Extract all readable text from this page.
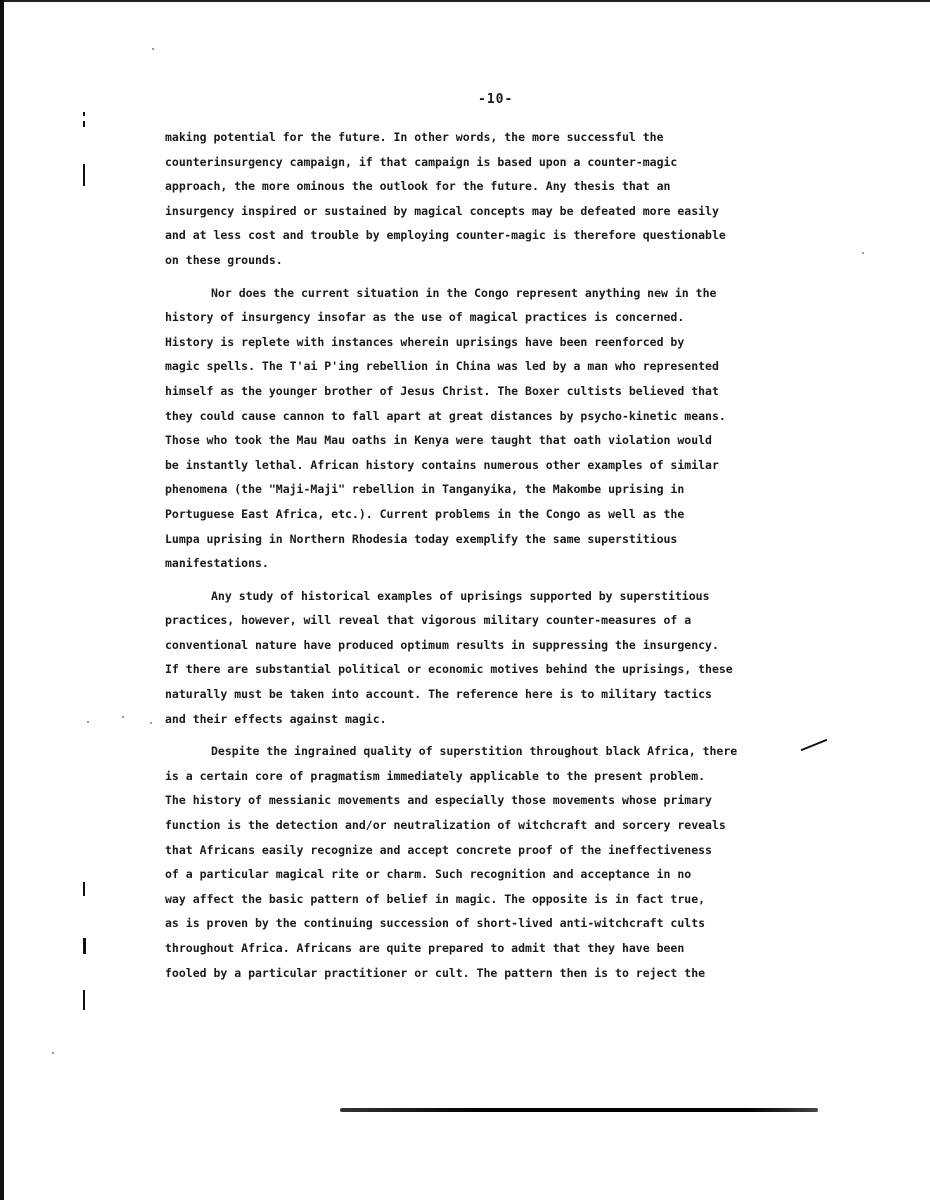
-10-
making potential for the future. In other words, the more successful the
counterinsurgency campaign, if that campaign is based upon a counter-magic
approach, the more ominous the outlook for the future. Any thesis that an
insurgency inspired or sustained by magical concepts may be defeated more easily
and at less cost and trouble by employing counter-magic is therefore questionable
on these grounds.
Nor does the current situation in the Congo represent anything new in the
history of insurgency insofar as the use of magical practices is concerned.
History is replete with instances wherein uprisings have been reenforced by
magic spells. The T'ai P'ing rebellion in China was led by a man who represented
himself as the younger brother of Jesus Christ. The Boxer cultists believed that
they could cause cannon to fall apart at great distances by psycho-kinetic means.
Those who took the Mau Mau oaths in Kenya were taught that oath violation would
be instantly lethal. African history contains numerous other examples of similar
phenomena (the "Maji-Maji" rebellion in Tanganyika, the Makombe uprising in
Portuguese East Africa, etc.). Current problems in the Congo as well as the
Lumpa uprising in Northern Rhodesia today exemplify the same superstitious
manifestations.
Any study of historical examples of uprisings supported by superstitious
practices, however, will reveal that vigorous military counter-measures of a
conventional nature have produced optimum results in suppressing the insurgency.
If there are substantial political or economic motives behind the uprisings, these
naturally must be taken into account. The reference here is to military tactics
and their effects against magic.
Despite the ingrained quality of superstition throughout black Africa, there
is a certain core of pragmatism immediately applicable to the present problem.
The history of messianic movements and especially those movements whose primary
function is the detection and/or neutralization of witchcraft and sorcery reveals
that Africans easily recognize and accept concrete proof of the ineffectiveness
of a particular magical rite or charm. Such recognition and acceptance in no
way affect the basic pattern of belief in magic. The opposite is in fact true,
as is proven by the continuing succession of short-lived anti-witchcraft cults
throughout Africa. Africans are quite prepared to admit that they have been
fooled by a particular practitioner or cult. The pattern then is to reject the
